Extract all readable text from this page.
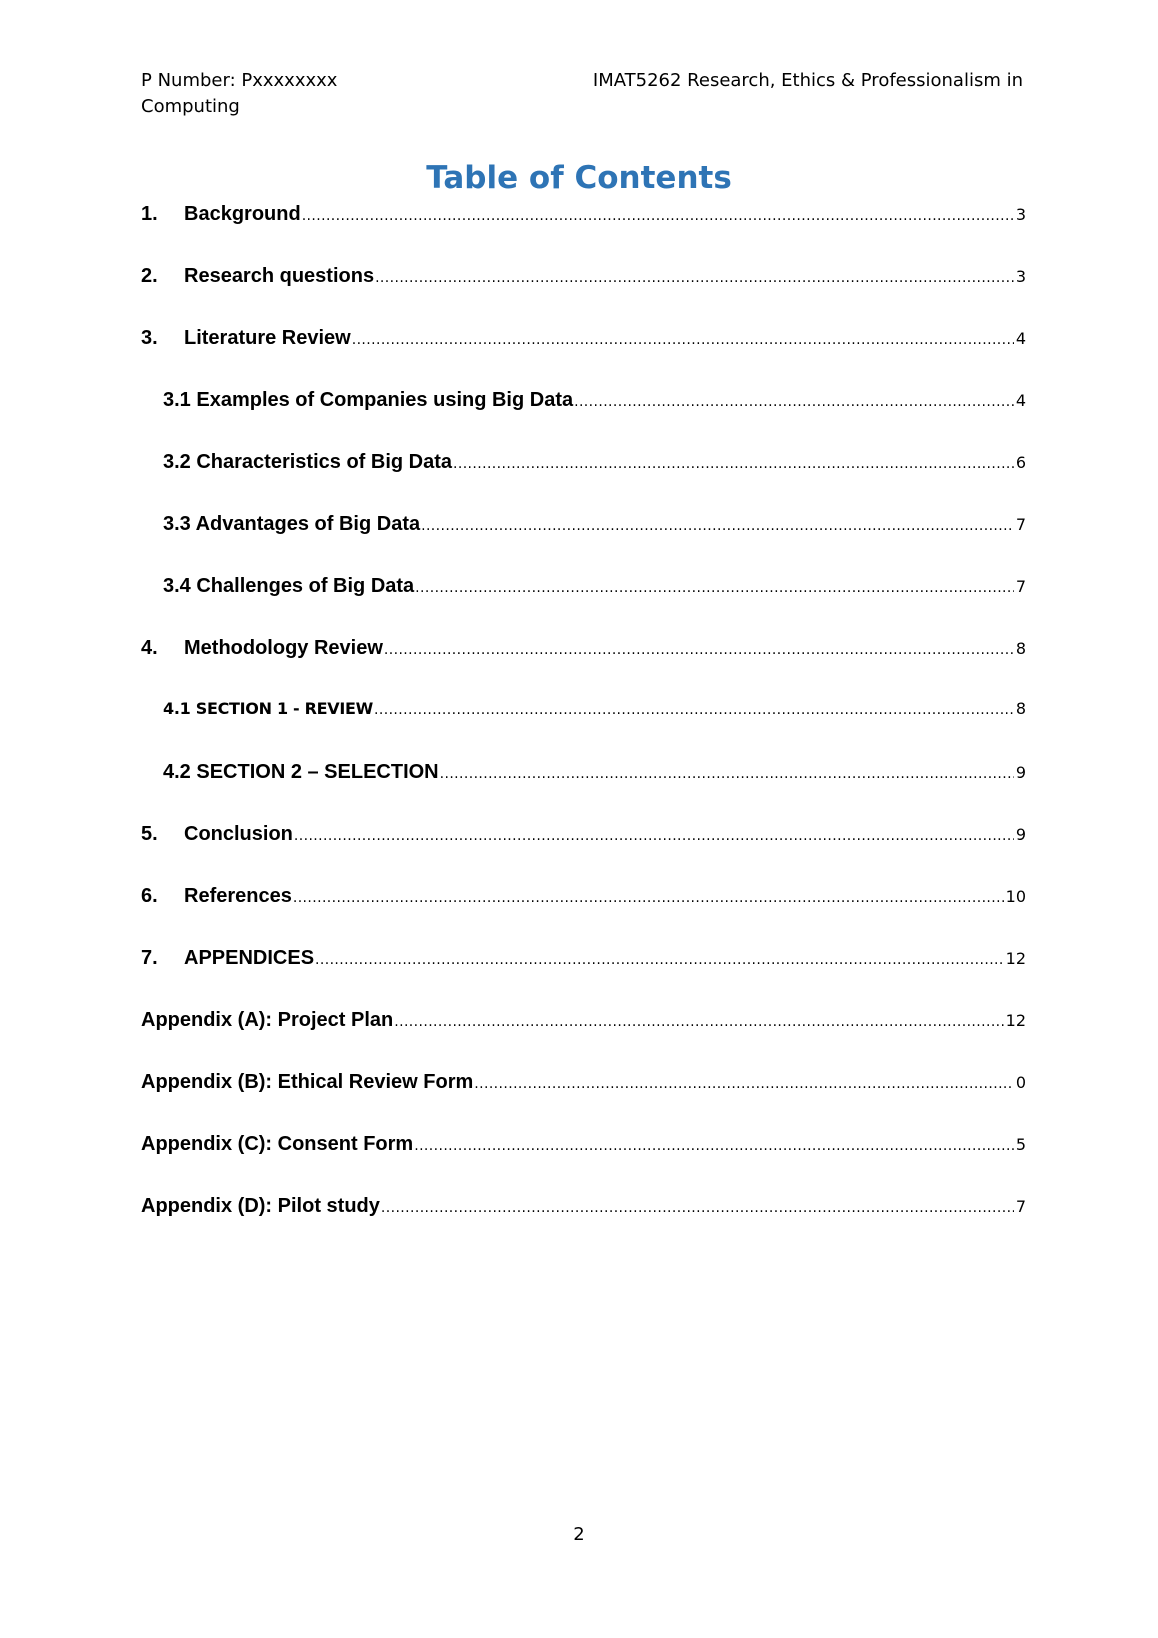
P Number: Pxxxxxxxx	IMAT5262 Research, Ethics & Professionalism in
Computing
Table of Contents
1.	Background .....	3
2.	Research questions .....	3
3.	Literature Review .....	4
3.1 Examples of Companies using Big Data .....	4
3.2 Characteristics of Big Data .....	6
3.3 Advantages of Big Data .....	7
3.4 Challenges of Big Data .....	7
4.	Methodology Review .....	8
4.1 SECTION 1 - REVIEW .....	8
4.2 SECTION 2 – SELECTION .....	9
5.	Conclusion .....	9
6.	References .....	10
7.	APPENDICES .....	12
Appendix (A): Project Plan .....	12
Appendix (B): Ethical Review Form .....	0
Appendix (C): Consent Form .....	5
Appendix (D): Pilot study .....	7
2
